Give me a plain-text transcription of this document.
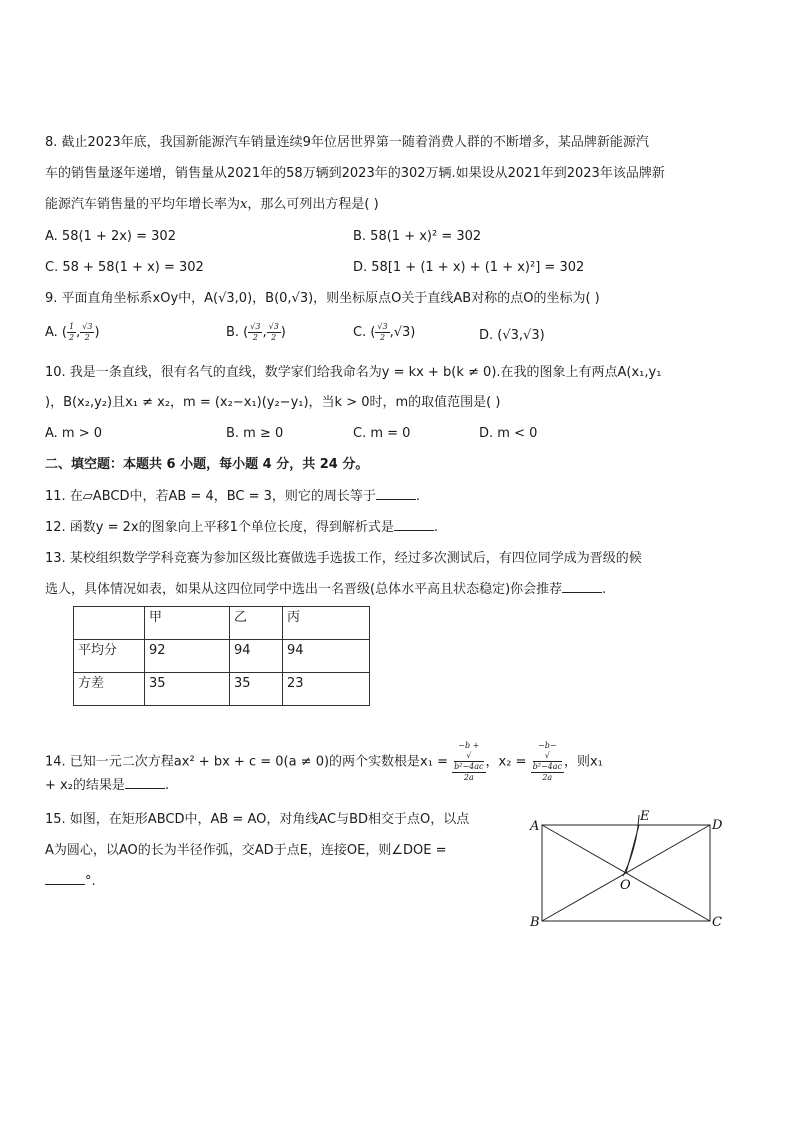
8. 截止2023年底，我国新能源汽车销量连续9年位居世界第一随着消费人群的不断增多，某品牌新能源汽
车的销售量逐年递增，销售量从2021年的58万辆到2023年的302万辆.如果设从2021年到2023年该品牌新
能源汽车销售量的平均年增长率为x，那么可列出方程是( )
A. 58(1 + 2x) = 302	B. 58(1 + x)² = 302
C. 58 + 58(1 + x) = 302	D. 58[1 + (1 + x) + (1 + x)²] = 302
9. 平面直角坐标系xOy中，A(√3,0)，B(0,√3)，则坐标原点O关于直线AB对称的点O的坐标为( )
A. ( $\frac{1}{2}$ , $\frac{√3}{2}$ )	B. ( $\frac{√3}{2}$ , $\frac{√3}{2}$ )	C. ( $\frac{√3}{2} ,√3$)	D. (√3,√3)
10. 我是一条直线，很有名气的直线，数学家们给我命名为y = kx + b(k ≠ 0).在我的图象上有两点A(x₁,y₁
)，B(x₂,y₂)且x₁ ≠ x₂，m = (x₂−x₁)(y₂−y₁)，当k > 0时，m的取值范围是( )
A. m > 0	B. m ≥ 0	C. m = 0	D. m < 0
二、填空题：本题共 6 小题，每小题 4 分，共 24 分。
11. 在▱ABCD中，若AB = 4，BC = 3，则它的周长等于	.
12. 函数y = 2x的图象向上平移1个单位长度，得到解析式是	.
13. 某校组织数学学科竞赛为参加区级比赛做选手选拔工作，经过多次测试后，有四位同学成为晋级的候
选人，具体情况如表，如果从这四位同学中选出一名晋级(总体水平高且状态稳定)你会推荐	.
	甲	乙	丙
平均分	92	94	94
方差	35	35	23
14. 已知一元二次方程ax² + bx + c = 0(a ≠ 0)的两个实数根是x₁ = −b +
√
b²−4ac
2a ，x₂ = −b−
√
b²−4ac
2a ，则x₁
+ x₂的结果是	.
15. 如图，在矩形ABCD中，AB = AO，对角线AC与BD相交于点O，以点
A为圆心，以AO的长为半径作弧，交AD于点E，连接OE，则∠DOE =
°.
A
B	C
D
E
O
